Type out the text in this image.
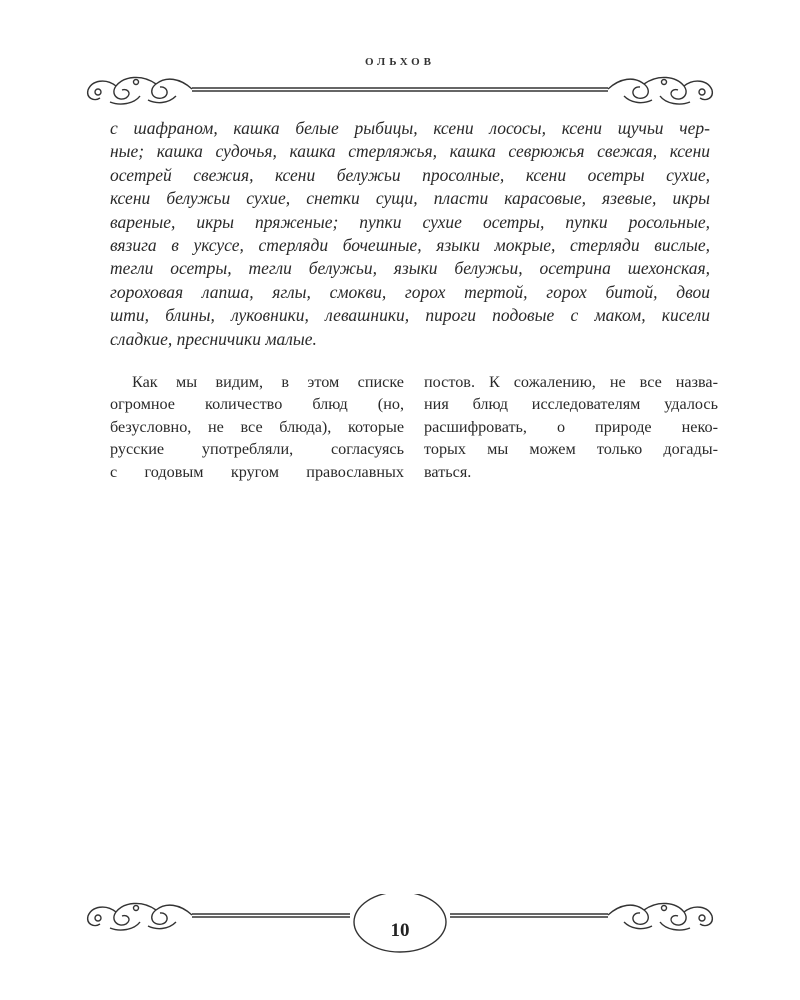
ОЛЬХОВ
с шафраном, кашка белые рыбицы, ксени лососы, ксени щучьи чер-
ные; кашка судочья, кашка стерляжья, кашка севрюжья свежая, ксени
осетрей свежия, ксени белужьи просолные, ксени осетры сухие,
ксени белужьи сухие, снетки сущи, пласти карасовые, язевые, икры
вареные, икры пряженые; пупки сухие осетры, пупки росольные,
вязига в уксусе, стерляди бочешные, языки мокрые, стерляди вислые,
тегли осетры, тегли белужьи, языки белужьи, осетрина шехонская,
гороховая лапша, яглы, смокви, горох тертой, горох битой, двои
шти, блины, луковники, левашники, пироги подовые с маком, кисели
сладкие, пресничики малые.
Как мы видим, в этом списке
огромное количество блюд (но,
безусловно, не все блюда), которые
русские употребляли, согласуясь
с годовым кругом православных
постов. К сожалению, не все назва-
ния блюд исследователям удалось
расшифровать, о природе неко-
торых мы можем только догады-
ваться.
10
